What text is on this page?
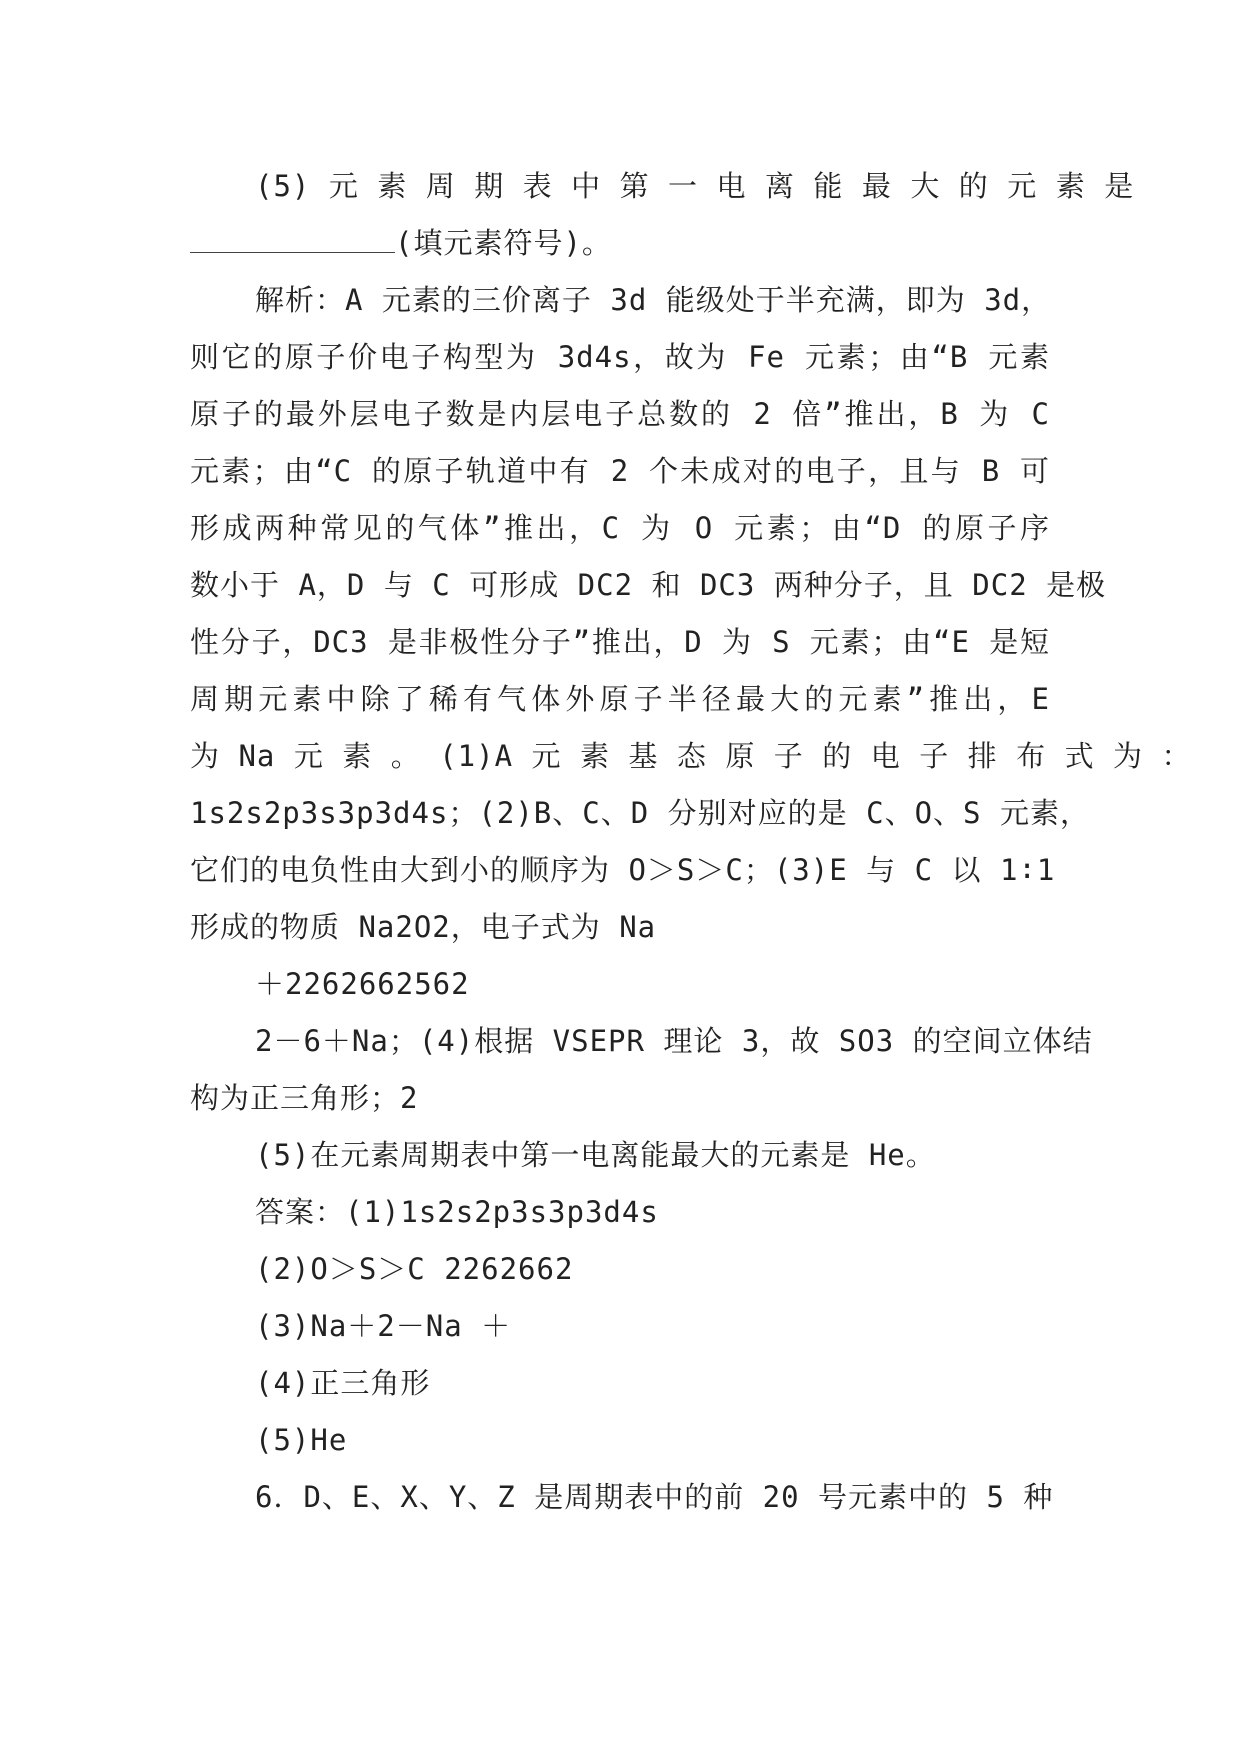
(5) 元 素 周 期 表 中 第 一 电 离 能 最 大 的 元 素 是
(填元素符号)。
解析：A 元素的三价离子 3d 能级处于半充满，即为 3d，
则它的原子价电子构型为 3d4s，故为 Fe 元素；由“B 元素
原子的最外层电子数是内层电子总数的 2 倍”推出，B 为 C
元素；由“C 的原子轨道中有 2 个未成对的电子，且与 B 可
形成两种常见的气体”推出，C 为 O 元素；由“D 的原子序
数小于 A，D 与 C 可形成 DC2 和 DC3 两种分子，且 DC2 是极
性分子，DC3 是非极性分子”推出，D 为 S 元素；由“E 是短
周期元素中除了稀有气体外原子半径最大的元素”推出，E
为 Na 元 素 。 (1)A 元 素 基 态 原 子 的 电 子 排 布 式 为 ：
1s2s2p3s3p3d4s；(2)B、C、D 分别对应的是 C、O、S 元素，
它们的电负性由大到小的顺序为 O＞S＞C；(3)E 与 C 以 1∶1
形成的物质 Na2O2，电子式为 Na
＋2262662562
2－6＋Na；(4)根据 VSEPR 理论 3，故 SO3 的空间立体结
构为正三角形；2
(5)在元素周期表中第一电离能最大的元素是 He。
答案：(1)1s2s2p3s3p3d4s
(2)O＞S＞C 2262662
(3)Na＋2－Na ＋
(4)正三角形
(5)He
6．D、E、X、Y、Z 是周期表中的前 20 号元素中的 5 种
